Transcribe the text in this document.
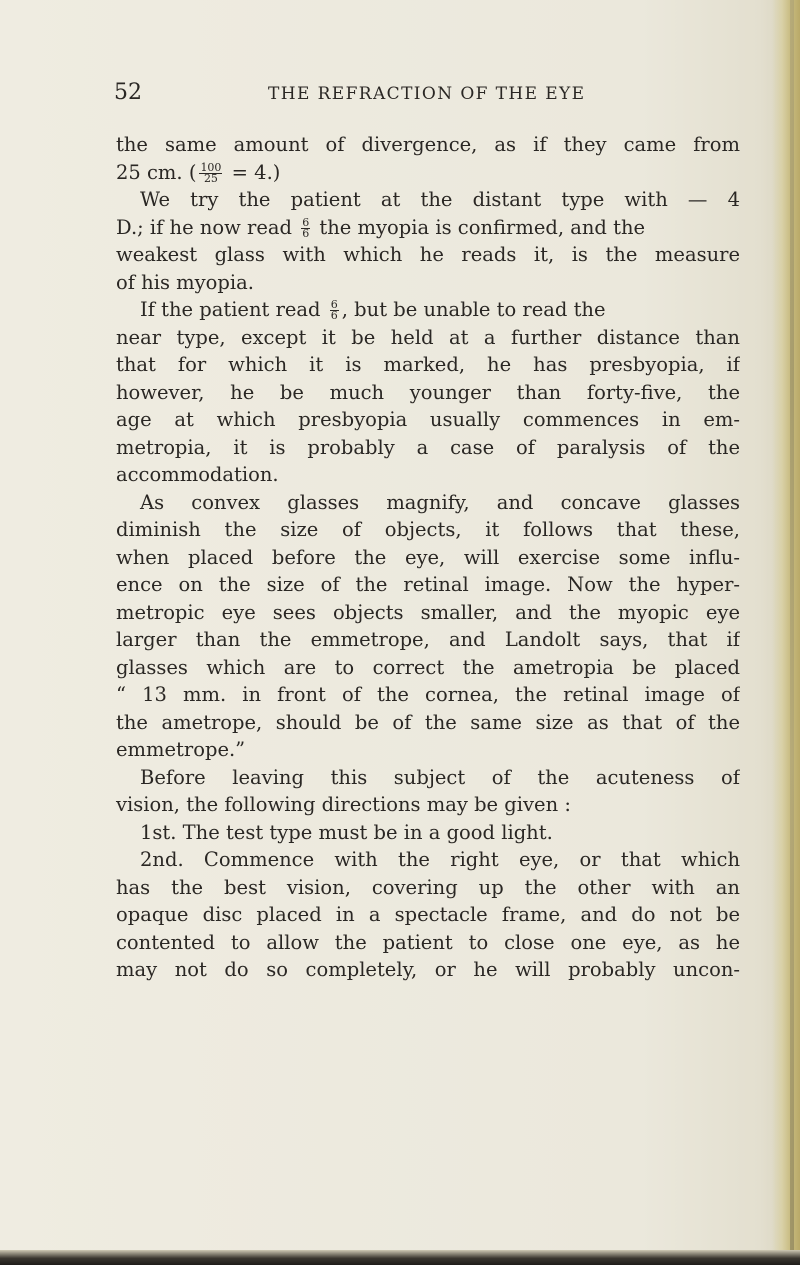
52	THE REFRACTION OF THE EYE
the same amount of divergence, as if they came from
25 cm. ( $\frac{100}{25} = 4$.)
We try the patient at the distant type with — 4
D.; if he now read $\frac{6}{6}$ the myopia is confirmed, and the
weakest glass with which he reads it, is the measure
of his myopia.
If the patient read $\frac{6}{6}$ , but be unable to read the
near type, except it be held at a further distance than
that for which it is marked, he has presbyopia, if
however, he be much younger than forty-five, the
age at which presbyopia usually commences in em-
metropia, it is probably a case of paralysis of the
accommodation.
As convex glasses magnify, and concave glasses
diminish the size of objects, it follows that these,
when placed before the eye, will exercise some influ-
ence on the size of the retinal image. Now the hyper-
metropic eye sees objects smaller, and the myopic eye
larger than the emmetrope, and Landolt says, that if
glasses which are to correct the ametropia be placed
“ 13 mm. in front of the cornea, the retinal image of
the ametrope, should be of the same size as that of the
emmetrope.”
Before leaving this subject of the acuteness of
vision, the following directions may be given :
1st. The test type must be in a good light.
2nd. Commence with the right eye, or that which
has the best vision, covering up the other with an
opaque disc placed in a spectacle frame, and do not be
contented to allow the patient to close one eye, as he
may not do so completely, or he will probably uncon-
